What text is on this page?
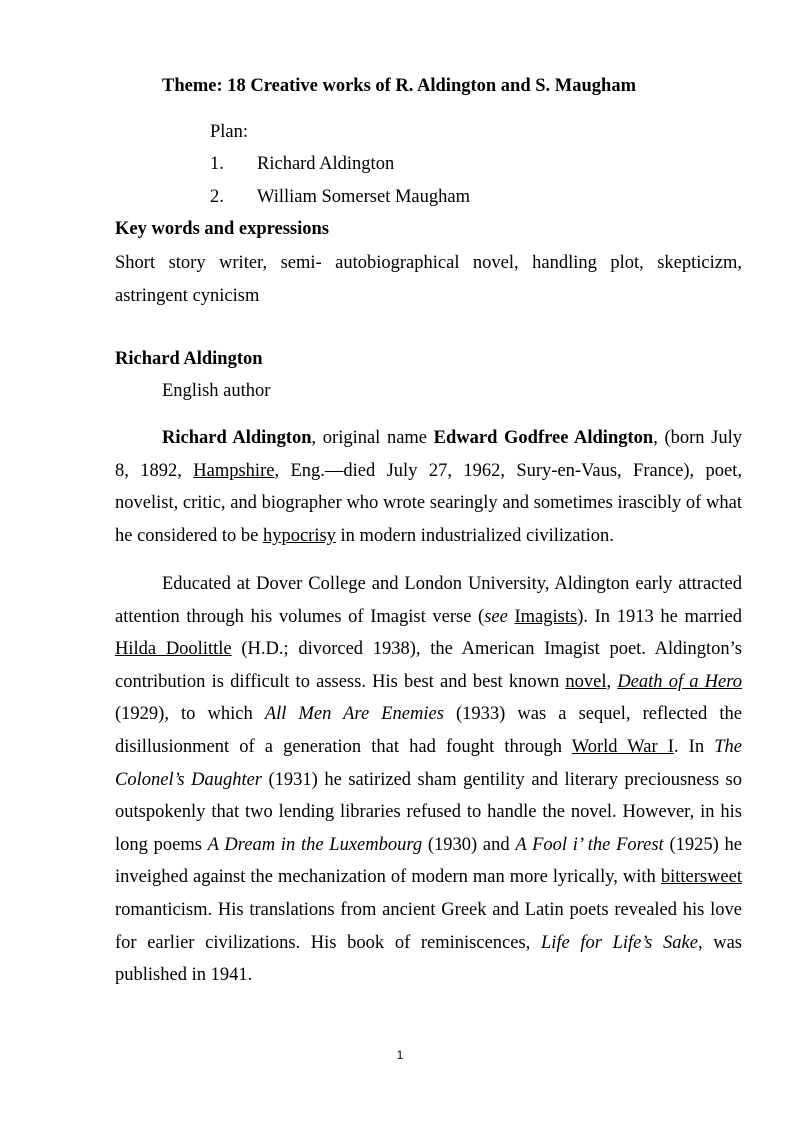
Theme: 18 Creative works of R. Aldington and S. Maugham
Plan:
1. Richard Aldington
2. William Somerset Maugham
Key words and expressions

Short story writer, semi- autobiographical novel, handling plot, skepticizm, astringent cynicism

Richard Aldington
English author

Richard Aldington, original name Edward Godfree Aldington, (born July 8, 1892, Hampshire, Eng.—died July 27, 1962, Sury-en-Vaus, France), poet, novelist, critic, and biographer who wrote searingly and sometimes irascibly of what he considered to be hypocrisy in modern industrialized civilization.

Educated at Dover College and London University, Aldington early attracted attention through his volumes of Imagist verse (see Imagists). In 1913 he married Hilda Doolittle (H.D.; divorced 1938), the American Imagist poet. Aldington’s contribution is difficult to assess. His best and best known novel, Death of a Hero (1929), to which All Men Are Enemies (1933) was a sequel, reflected the disillusionment of a generation that had fought through World War I. In The Colonel’s Daughter (1931) he satirized sham gentility and literary preciousness so outspokenly that two lending libraries refused to handle the novel. However, in his long poems A Dream in the Luxembourg (1930) and A Fool i’ the Forest (1925) he inveighed against the mechanization of modern man more lyrically, with bittersweet romanticism. His translations from ancient Greek and Latin poets revealed his love for earlier civilizations. His book of reminiscences, Life for Life’s Sake, was published in 1941.

1
